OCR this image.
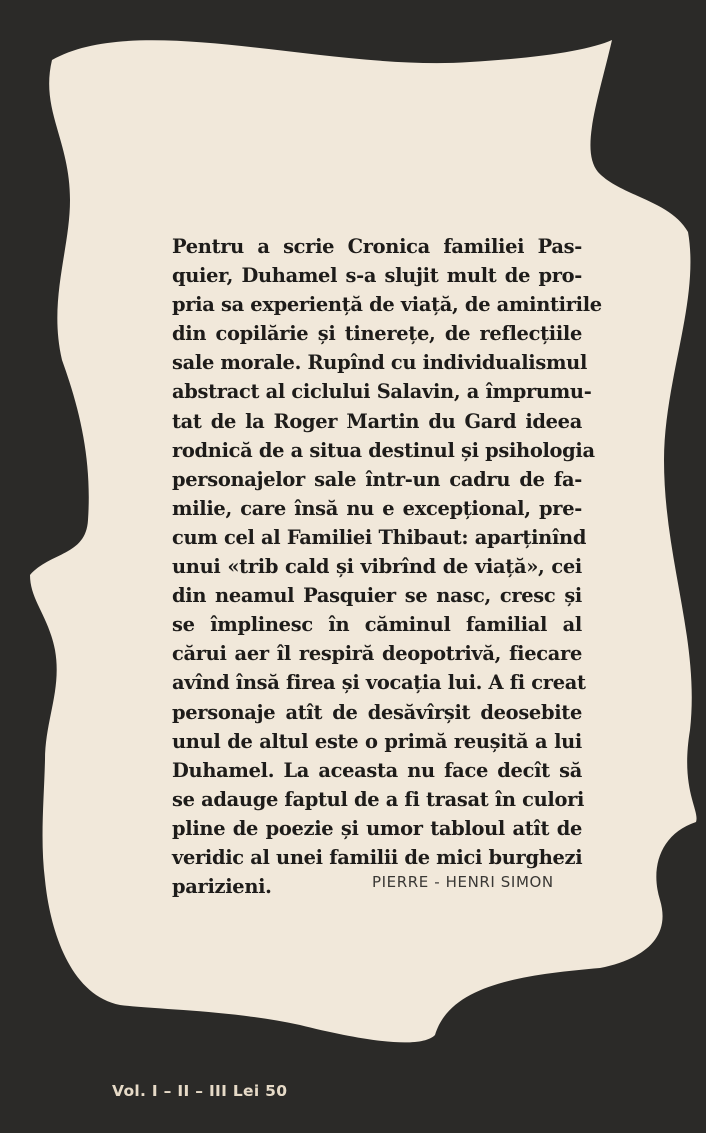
Pentru a scrie Cronica familiei Pas-
quier, Duhamel s-a slujit mult de pro-
pria sa experiență de viață, de amintirile
din copilărie și tinerețe, de reflecțiile
sale morale. Rupînd cu individualismul
abstract al ciclului Salavin, a împrumu-
tat de la Roger Martin du Gard ideea
rodnică de a situa destinul și psihologia
personajelor sale într-un cadru de fa-
milie, care însă nu e excepțional, pre-
cum cel al Familiei Thibaut: aparținînd
unui «trib cald și vibrînd de viață», cei
din neamul Pasquier se nasc, cresc și
se împlinesc în căminul familial al
cărui aer îl respiră deopotrivă, fiecare
avînd însă firea și vocația lui. A fi creat
personaje atît de desăvîrșit deosebite
unul de altul este o primă reușită a lui
Duhamel. La aceasta nu face decît să
se adauge faptul de a fi trasat în culori
pline de poezie și umor tabloul atît de
veridic al unei familii de mici burghezi
parizieni.	PIERRE - HENRI SIMON
Vol. I – II – III Lei 50
